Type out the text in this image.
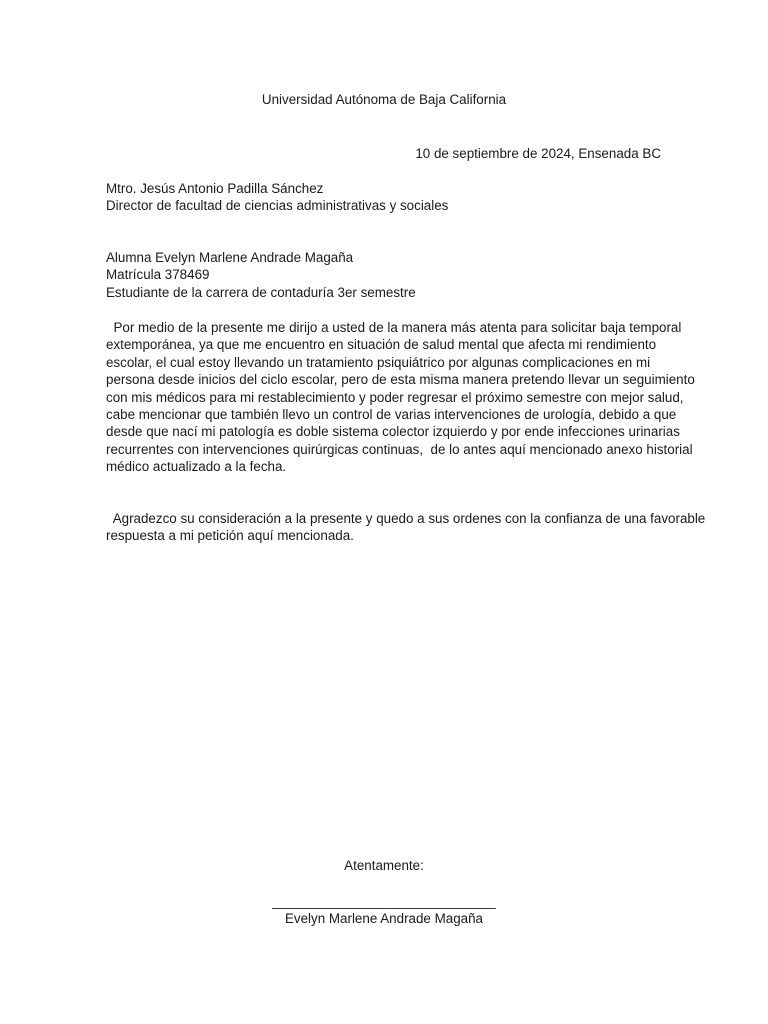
Universidad Autónoma de Baja California
10 de septiembre de 2024, Ensenada BC
Mtro. Jesús Antonio Padilla Sánchez
Director de facultad de ciencias administrativas y sociales
Alumna Evelyn Marlene Andrade Magaña
Matrícula 378469
Estudiante de la carrera de contaduría 3er semestre
Por medio de la presente me dirijo a usted de la manera más atenta para solicitar baja temporal
extemporánea, ya que me encuentro en situación de salud mental que afecta mi rendimiento
escolar, el cual estoy llevando un tratamiento psiquiátrico por algunas complicaciones en mi
persona desde inicios del ciclo escolar, pero de esta misma manera pretendo llevar un seguimiento
con mis médicos para mi restablecimiento y poder regresar el próximo semestre con mejor salud,
cabe mencionar que también llevo un control de varias intervenciones de urología, debido a que
desde que nací mi patología es doble sistema colector izquierdo y por ende infecciones urinarias
recurrentes con intervenciones quirúrgicas continuas,  de lo antes aquí mencionado anexo historial
médico actualizado a la fecha.
Agradezco su consideración a la presente y quedo a sus ordenes con la confianza de una favorable
respuesta a mi petición aquí mencionada.
Atentamente:
______________________________
Evelyn Marlene Andrade Magaña
